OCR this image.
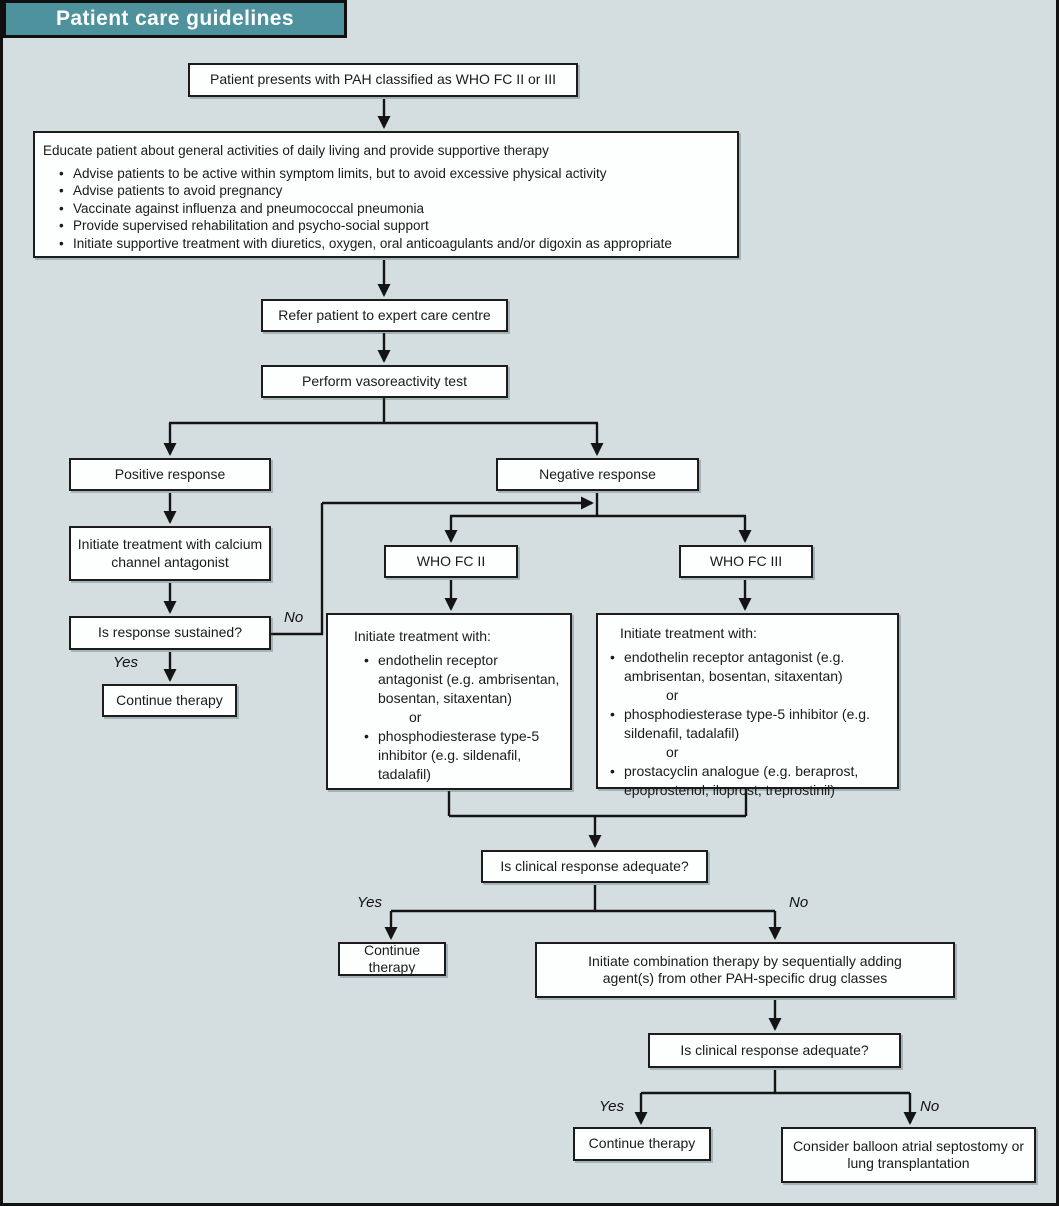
Patient care guidelines
Patient presents with PAH classified as WHO FC II or III
Educate patient about general activities of daily living and provide supportive therapy
• Advise patients to be active within symptom limits, but to avoid excessive physical activity
• Advise patients to avoid pregnancy
• Vaccinate against influenza and pneumococcal pneumonia
• Provide supervised rehabilitation and psycho-social support
• Initiate supportive treatment with diuretics, oxygen, oral anticoagulants and/or digoxin as appropriate
Refer patient to expert care centre
Perform vasoreactivity test
Positive response	Negative response
Initiate treatment with calcium channel antagonist
Is response sustained?
Continue therapy
WHO FC II	WHO FC III
Initiate treatment with:
• endothelin receptor antagonist (e.g. ambrisentan, bosentan, sitaxentan)
or
• phosphodiesterase type-5 inhibitor (e.g. sildenafil, tadalafil)
Initiate treatment with:
• endothelin receptor antagonist (e.g. ambrisentan, bosentan, sitaxentan)
or
• phosphodiesterase type-5 inhibitor (e.g. sildenafil, tadalafil)
or
• prostacyclin analogue (e.g. beraprost, epoprostenol, iloprost, treprostinil)
Is clinical response adequate?
Continue therapy	Initiate combination therapy by sequentially adding agent(s) from other PAH-specific drug classes
Is clinical response adequate?
Continue therapy	Consider balloon atrial septostomy or lung transplantation
Yes
No
Yes	No
Yes	No
